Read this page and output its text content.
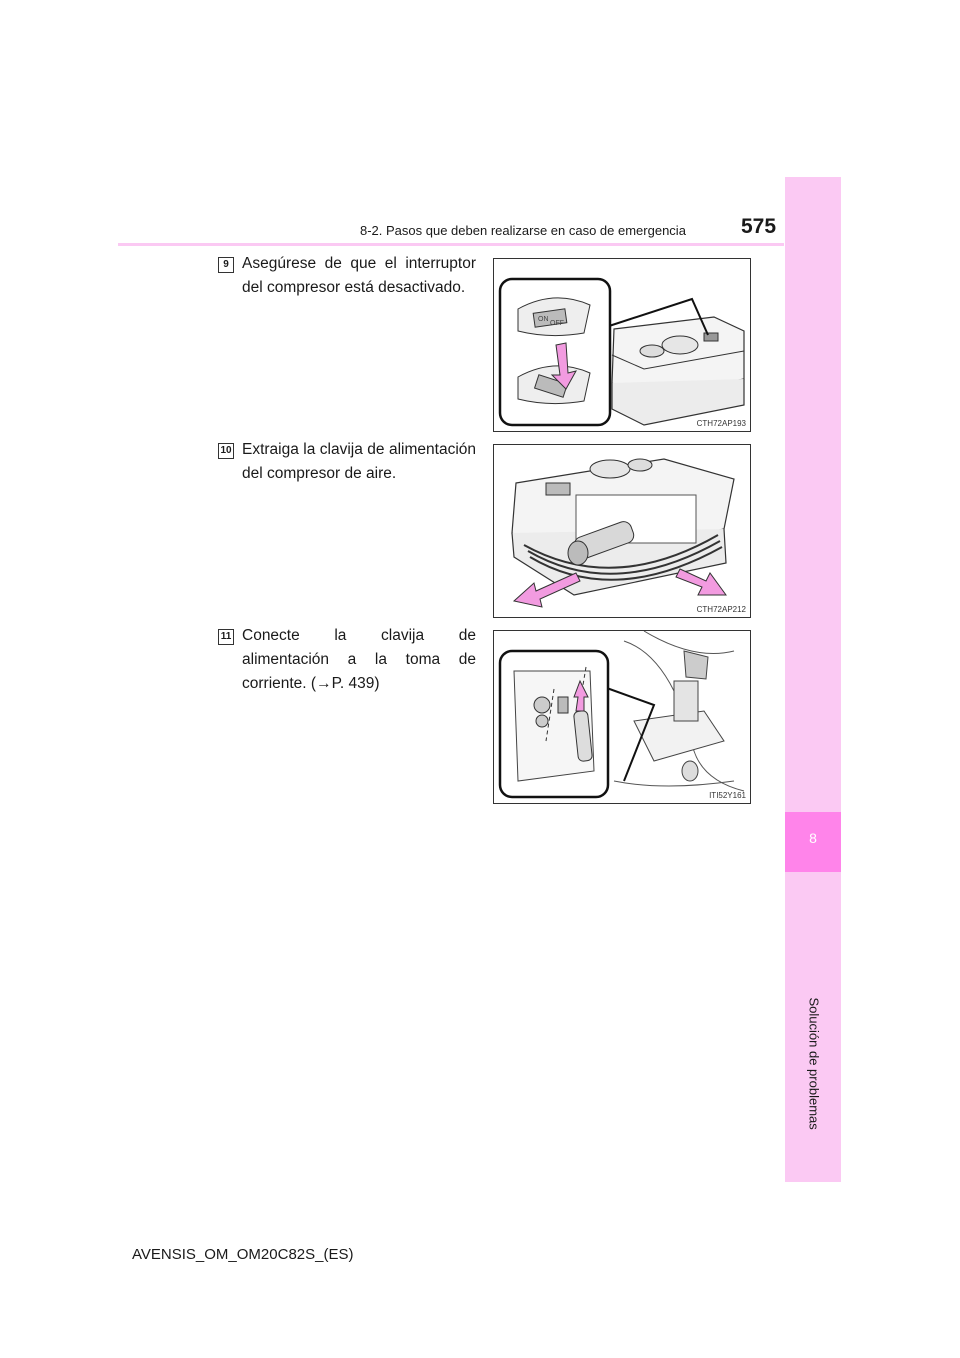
8
8-2. Pasos que deben realizarse en caso de emergencia	575
9 Asegúrese de que el interruptor del compresor está desactivado.
ON
OFF
CTH72AP193
10 Extraiga la clavija de alimentación del compresor de aire.
CTH72AP212
11 Conecte la clavija de alimentación a la toma de corriente. (→P. 439)
ITI52Y161
AVENSIS_OM_OM20C82S_(ES)
